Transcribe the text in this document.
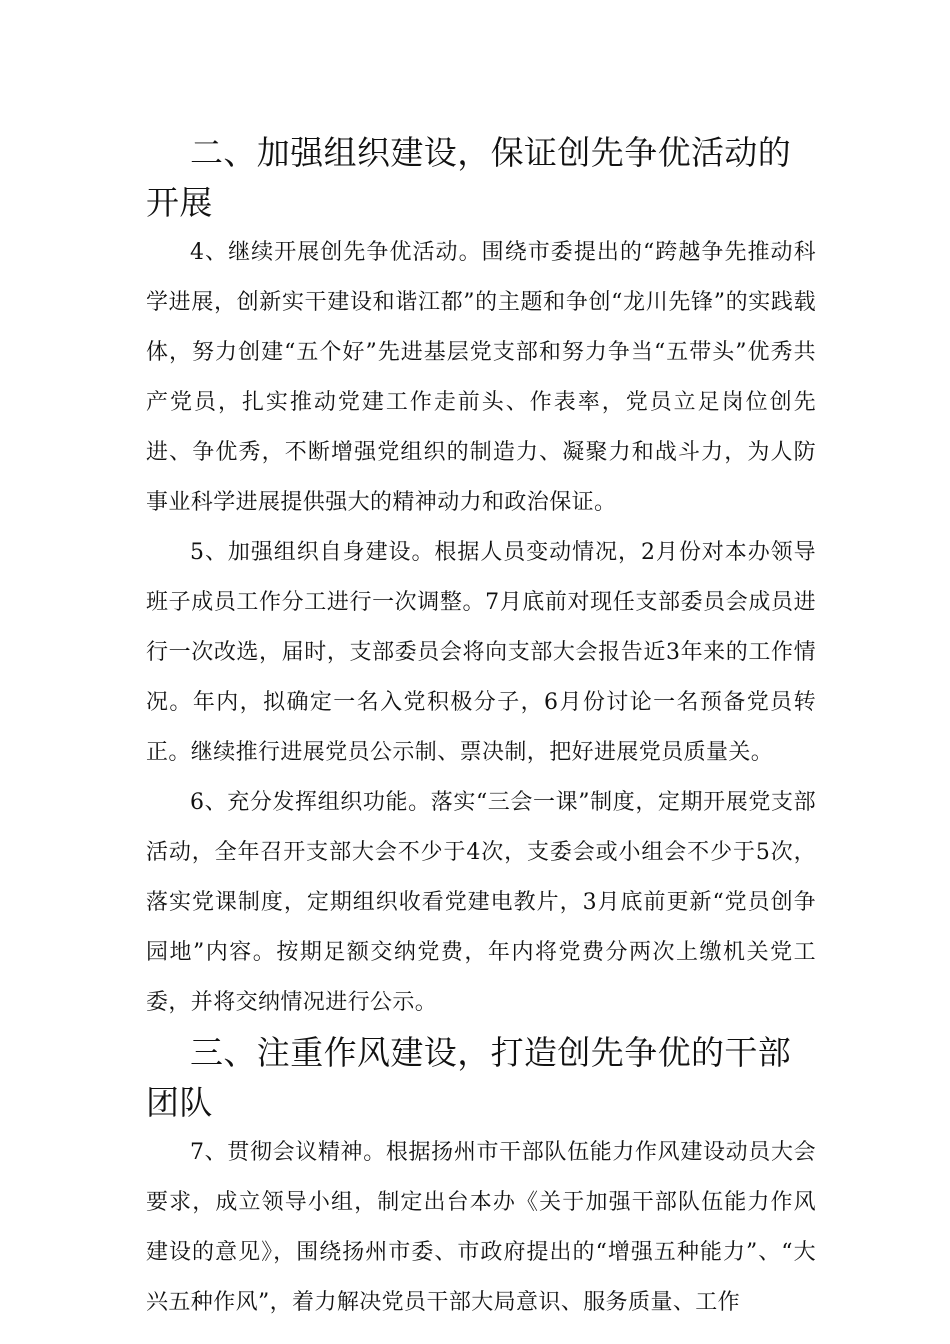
二、加强组织建设，保证创先争优活动的开展

4、继续开展创先争优活动。围绕市委提出的“跨越争先推动科学进展，创新实干建设和谐江都”的主题和争创“龙川先锋”的实践载体，努力创建“五个好”先进基层党支部和努力争当“五带头”优秀共产党员，扎实推动党建工作走前头、作表率，党员立足岗位创先进、争优秀，不断增强党组织的制造力、凝聚力和战斗力，为人防事业科学进展提供强大的精神动力和政治保证。

5、加强组织自身建设。根据人员变动情况，2月份对本办领导班子成员工作分工进行一次调整。7月底前对现任支部委员会成员进行一次改选，届时，支部委员会将向支部大会报告近3年来的工作情况。年内，拟确定一名入党积极分子，6月份讨论一名预备党员转正。继续推行进展党员公示制、票决制，把好进展党员质量关。

6、充分发挥组织功能。落实“三会一课”制度，定期开展党支部活动，全年召开支部大会不少于4次，支委会或小组会不少于5次，落实党课制度，定期组织收看党建电教片，3月底前更新“党员创争园地”内容。按期足额交纳党费，年内将党费分两次上缴机关党工委，并将交纳情况进行公示。

三、注重作风建设，打造创先争优的干部团队

7、贯彻会议精神。根据扬州市干部队伍能力作风建设动员大会要求，成立领导小组，制定出台本办《关于加强干部队伍能力作风建设的意见》，围绕扬州市委、市政府提出的“增强五种能力”、“大兴五种作风”，着力解决党员干部大局意识、服务质量、工作
